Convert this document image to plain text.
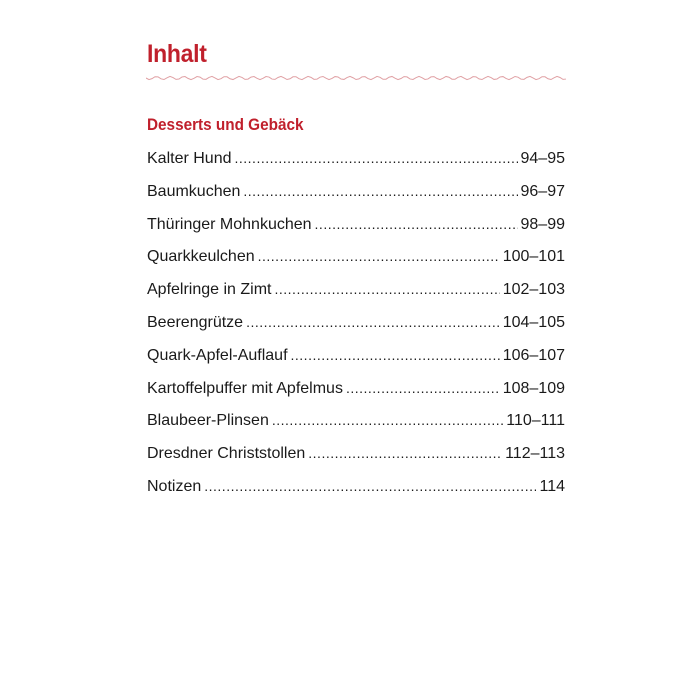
Inhalt
Desserts und Gebäck
Kalter Hund .....	94–95
Baumkuchen .....	96–97
Thüringer Mohnkuchen .....	98–99
Quarkkeulchen .....	100–101
Apfelringe in Zimt .....	102–103
Beerengrütze .....	104–105
Quark-Apfel-Auflauf .....	106–107
Kartoffelpuffer mit Apfelmus .....	108–109
Blaubeer-Plinsen .....	110–111
Dresdner Christstollen .....	112–113
Notizen .....	114
